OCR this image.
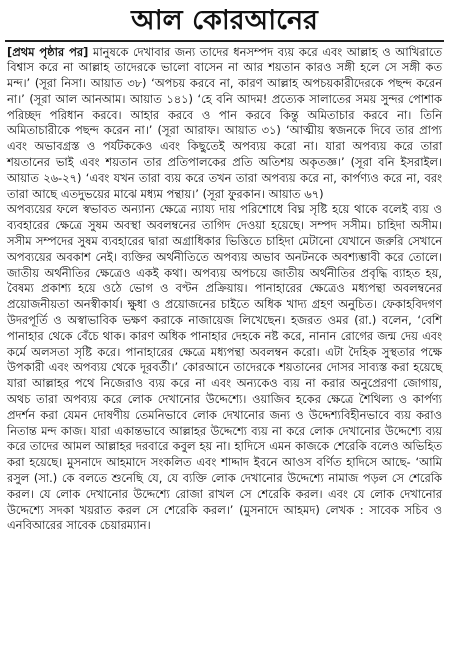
আল কোরআনের

[প্রথম পৃষ্ঠার পর] মানুষকে দেখাবার জন্য তাদের ধনসম্পদ ব্যয় করে এবং আল্লাহ ও আখিরাতে বিশ্বাস করে না আল্লাহ তাদেরকে ভালো বাসেন না আর শয়তান কারও সঙ্গী হলে সে সঙ্গী কত মন্দ।’ (সূরা নিসা। আয়াত ৩৮) ‘অপচয় করবে না, কারণ আল্লাহ অপচয়কারীদেরকে পছন্দ করেন না।’ (সূরা আল আনআম। আয়াত ১৪১) ‘হে বনি আদম! প্রত্যেক সালাতের সময় সুন্দর পোশাক পরিচ্ছদ পরিধান করবে। আহার করবে ও পান করবে কিন্তু অমিতাচার করবে না। তিনি অমিতাচারীকে পছন্দ করেন না।’ (সূরা আরাফ। আয়াত ৩১) ‘আত্মীয় স্বজনকে দিবে তার প্রাপ্য এবং অভাবগ্রস্ত ও পর্যটককেও এবং কিছুতেই অপব্যয় করো না। যারা অপব্যয় করে তারা শয়তানের ভাই এবং শয়তান তার প্রতিপালকের প্রতি অতিশয় অকৃতজ্ঞ।’ (সূরা বনি ইসরাইল। আয়াত ২৬-২৭) ‘এবং যখন তারা ব্যয় করে তখন তারা অপব্যয় করে না, কার্পণ্যও করে না, বরং তারা আছে এতদুভয়ের মাঝে মধ্যম পন্থায়।’ (সূরা ফুরকান। আয়াত ৬৭)

অপব্যয়ের ফলে স্বভাবত অন্যান্য ক্ষেত্রে ন্যায্য দায় পরিশোধে বিঘ্ন সৃষ্টি হয়ে থাকে বলেই ব্যয় ও ব্যবহারের ক্ষেত্রে সুষম অবস্থা অবলম্বনের তাগিদ দেওয়া হয়েছে। সম্পদ সসীম। চাহিদা অসীম। সসীম সম্পদের সুষম ব্যবহারের দ্বারা অগ্রাধিকার ভিত্তিতে চাহিদা মেটানো যেখানে জরুরি সেখানে অপব্যয়ের অবকাশ নেই। ব্যক্তির অর্থনীতিতে অপব্যয় অভাব অনটনকে অবশ্যম্ভাবী করে তোলে। জাতীয় অর্থনীতির ক্ষেত্রেও একই কথা। অপব্যয় অপচয়ে জাতীয় অর্থনীতির প্রবৃদ্ধি ব্যাহত হয়, বৈষম্য প্রকাশ্য হয়ে ওঠে ভোগ ও বণ্টন প্রক্রিয়ায়। পানাহারের ক্ষেত্রেও মধ্যপন্থা অবলম্বনের প্রয়োজনীয়তা অনস্বীকার্য। ক্ষুধা ও প্রয়োজনের চাইতে অধিক খাদ্য গ্রহণ অনুচিত। ফেকাহবিদগণ উদরপূর্তি ও অস্বাভাবিক ভক্ষণ করাকে নাজায়েজ লিখেছেন। হজরত ওমর (রা.) বলেন, ‘বেশি পানাহার থেকে বেঁচে থাক। কারণ অধিক পানাহার দেহকে নষ্ট করে, নানান রোগের জন্ম দেয় এবং কর্মে অলসতা সৃষ্টি করে। পানাহারের ক্ষেত্রে মধ্যপন্থা অবলম্বন করো। এটা দৈহিক সুস্থতার পক্ষে উপকারী এবং অপব্যয় থেকে দূরবর্তী।’ কোরআনে তাদেরকে শয়তানের দোসর সাব্যস্ত করা হয়েছে যারা আল্লাহর পথে নিজেরাও ব্যয় করে না এবং অন্যকেও ব্যয় না করার অনুপ্রেরণা জোগায়, অথচ তারা অপব্যয় করে লোক দেখানোর উদ্দেশ্যে। ওয়াজিব হকের ক্ষেত্রে শৈথিল্য ও কার্পণ্য প্রদর্শন করা যেমন দোষণীয় তেমনিভাবে লোক দেখানোর জন্য ও উদ্দেশ্যবিহীনভাবে ব্যয় করাও নিতান্ত মন্দ কাজ। যারা একান্তভাবে আল্লাহর উদ্দেশ্যে ব্যয় না করে লোক দেখানোর উদ্দেশ্যে ব্যয় করে তাদের আমল আল্লাহর দরবারে কবুল হয় না। হাদিসে এমন কাজকে শেরেকি বলেও অভিহিত করা হয়েছে। মুসনাদে আহমাদে সংকলিত এবং শাদ্দাদ ইবনে আওস বর্ণিত হাদিসে আছে- ‘আমি রসুল (সা.) কে বলতে শুনেছি যে, যে ব্যক্তি লোক দেখানোর উদ্দেশ্যে নামাজ পড়ল সে শেরেকি করল। যে লোক দেখানোর উদ্দেশ্যে রোজা রাখল সে শেরেকি করল। এবং যে লোক দেখানোর উদ্দেশ্যে সদকা খয়রাত করল সে শেরেকি করল।’ (মুসনাদে আহমদ) লেখক : সাবেক সচিব ও এনবিআরের সাবেক চেয়ারম্যান।
